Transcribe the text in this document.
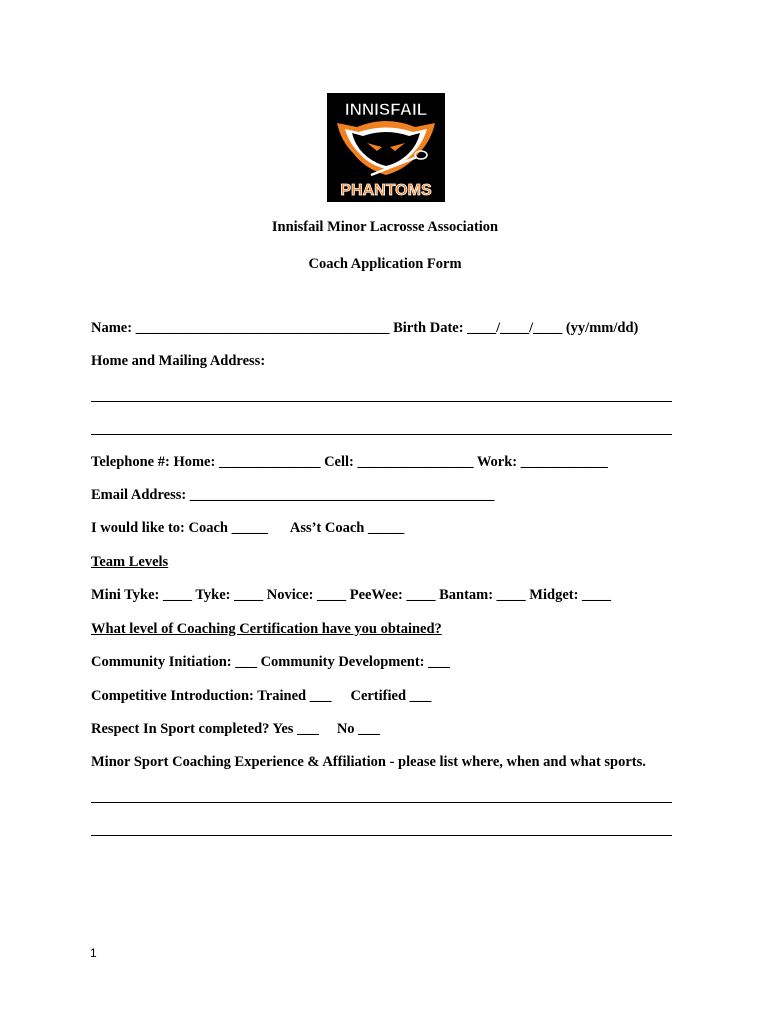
INNISFAIL
PHANTOMS
Innisfail Minor Lacrosse Association
Coach Application Form
Name: ___________________________________ Birth Date: ____/____/____ (yy/mm/dd)
Home and Mailing Address:
Telephone #: Home: ______________ Cell: ________________ Work: ____________
Email Address: __________________________________________
I would like to: Coach _____ Ass’t Coach _____
Team Levels
Mini Tyke: ____ Tyke: ____ Novice: ____ PeeWee: ____ Bantam: ____ Midget: ____
What level of Coaching Certification have you obtained?
Community Initiation: ___ Community Development: ___
Competitive Introduction: Trained ___ Certified ___
Respect In Sport completed? Yes ___ No ___
Minor Sport Coaching Experience & Affiliation - please list where, when and what sports.
1
